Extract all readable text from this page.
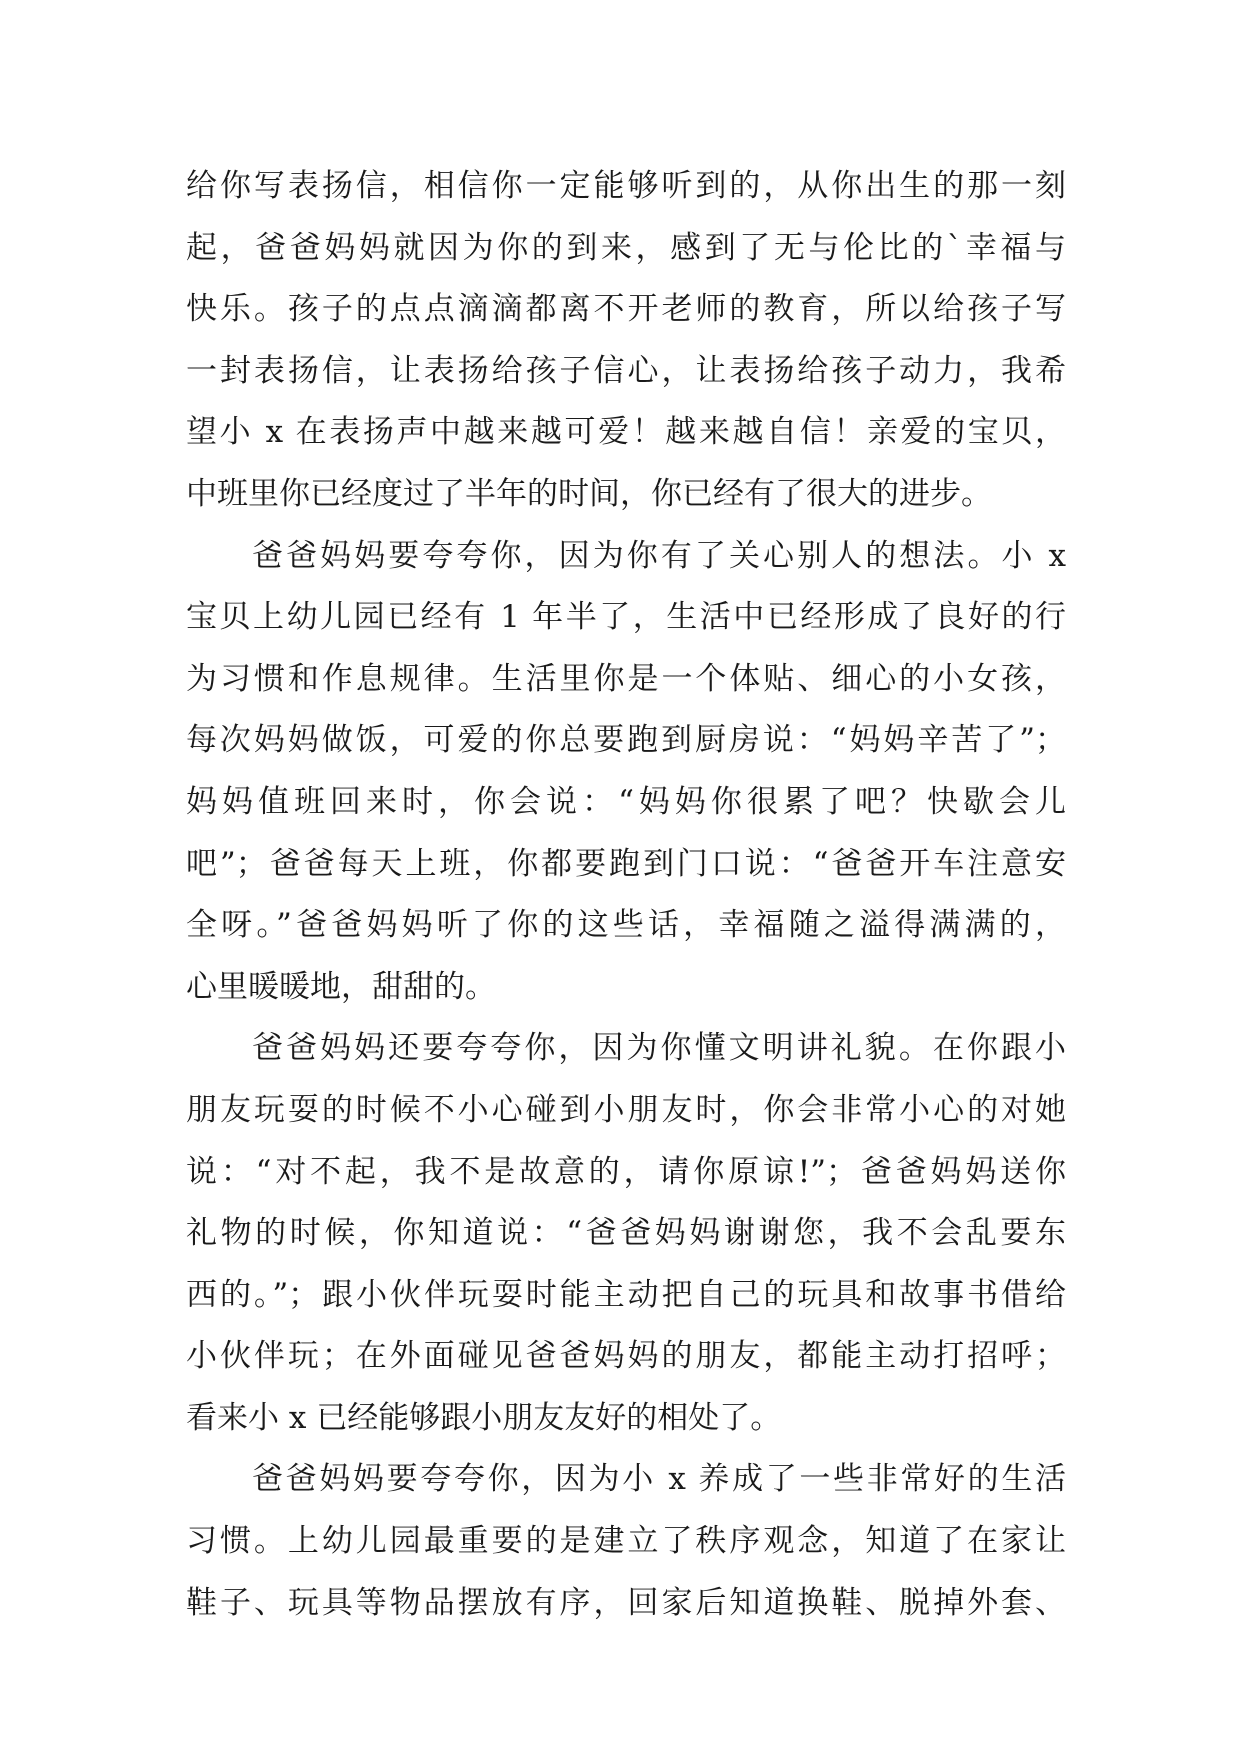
给你写表扬信，相信你一定能够听到的，从你出生的那一刻
起，爸爸妈妈就因为你的到来，感到了无与伦比的`幸福与
快乐。孩子的点点滴滴都离不开老师的教育，所以给孩子写
一封表扬信，让表扬给孩子信心，让表扬给孩子动力，我希
望小 x 在表扬声中越来越可爱！越来越自信！亲爱的宝贝，
中班里你已经度过了半年的时间，你已经有了很大的进步。
爸爸妈妈要夸夸你，因为你有了关心别人的想法。小 x
宝贝上幼儿园已经有 1 年半了，生活中已经形成了良好的行
为习惯和作息规律。生活里你是一个体贴、细心的小女孩，
每次妈妈做饭，可爱的你总要跑到厨房说：“妈妈辛苦了”；
妈妈值班回来时，你会说：“妈妈你很累了吧？快歇会儿
吧”；爸爸每天上班，你都要跑到门口说：“爸爸开车注意安
全呀。”爸爸妈妈听了你的这些话，幸福随之溢得满满的，
心里暖暖地，甜甜的。
爸爸妈妈还要夸夸你，因为你懂文明讲礼貌。在你跟小
朋友玩耍的时候不小心碰到小朋友时，你会非常小心的对她
说：“对不起，我不是故意的，请你原谅!”；爸爸妈妈送你
礼物的时候，你知道说：“爸爸妈妈谢谢您，我不会乱要东
西的。”；跟小伙伴玩耍时能主动把自己的玩具和故事书借给
小伙伴玩；在外面碰见爸爸妈妈的朋友，都能主动打招呼；
看来小 x 已经能够跟小朋友友好的相处了。
爸爸妈妈要夸夸你，因为小 x 养成了一些非常好的生活
习惯。上幼儿园最重要的是建立了秩序观念，知道了在家让
鞋子、玩具等物品摆放有序，回家后知道换鞋、脱掉外套、
